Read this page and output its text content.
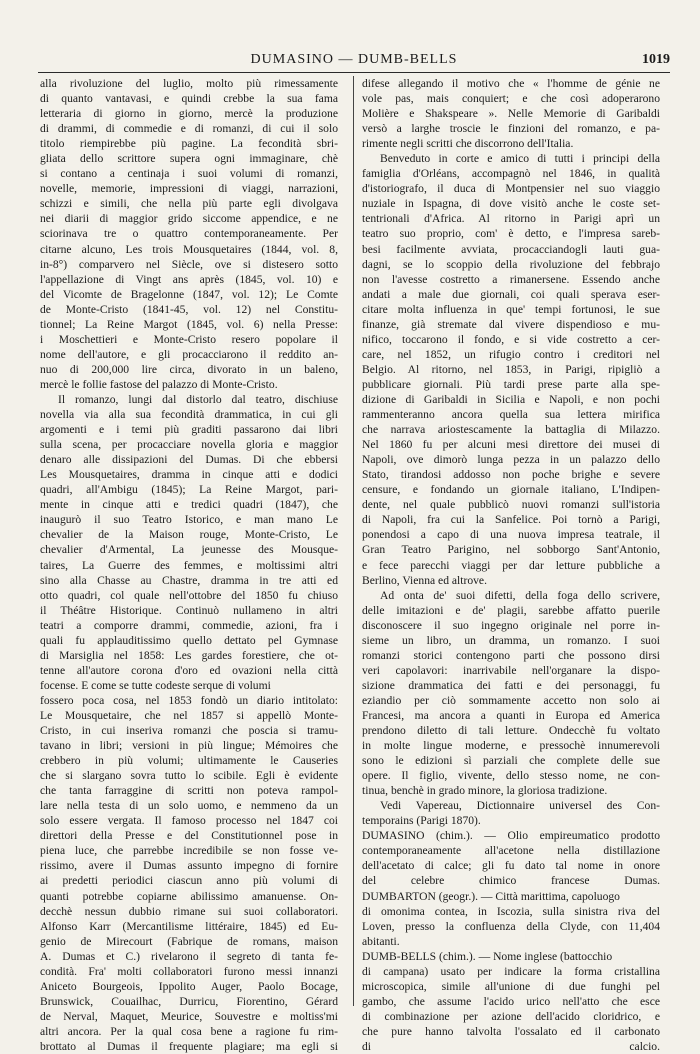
DUMASINO — DUMB-BELLS	1019
alla rivoluzione del luglio, molto più rimessamente
di quanto vantavasi, e quindi crebbe la sua fama
letteraria di giorno in giorno, mercè la produzione
di drammi, di commedie e di romanzi, di cui il solo
titolo riempirebbe più pagine. La fecondità sbri-
gliata dello scrittore supera ogni immaginare, chè
si contano a centinaja i suoi volumi di romanzi,
novelle, memorie, impressioni di viaggi, narrazioni,
schizzi e simili, che nella più parte egli divolgava
nei diarii di maggior grido siccome appendice, e ne
sciorinava tre o quattro contemporaneamente. Per
citarne alcuno, Les trois Mousquetaires (1844, vol. 8,
in-8°) comparvero nel Siècle, ove si distesero sotto
l'appellazione di Vingt ans après (1845, vol. 10) e
del Vicomte de Bragelonne (1847, vol. 12); Le Comte
de Monte-Cristo (1841-45, vol. 12) nel Constitu-
tionnel; La Reine Margot (1845, vol. 6) nella Presse:
i Moschettieri e Monte-Cristo resero popolare il
nome dell'autore, e gli procacciarono il reddito an-
nuo di 200,000 lire circa, divorato in un baleno,
mercè le follie fastose del palazzo di Monte-Cristo.
Il romanzo, lungi dal distorlo dal teatro, dischiuse
novella via alla sua fecondità drammatica, in cui gli
argomenti e i temi più graditi passarono dai libri
sulla scena, per procacciare novella gloria e maggior
denaro alle dissipazioni del Dumas. Di che ebbersi
Les Mousquetaires, dramma in cinque atti e dodici
quadri, all'Ambigu (1845); La Reine Margot, pari-
mente in cinque atti e tredici quadri (1847), che
inaugurò il suo Teatro Istorico, e man mano Le
chevalier de la Maison rouge, Monte-Cristo, Le
chevalier d'Armental, La jeunesse des Mousque-
taires, La Guerre des femmes, e moltissimi altri
sino alla Chasse au Chastre, dramma in tre atti ed
otto quadri, col quale nell'ottobre del 1850 fu chiuso
il Théâtre Historique. Continuò nullameno in altri
teatri a comporre drammi, commedie, azioni, fra i
quali fu applauditissimo quello dettato pel Gymnase
di Marsiglia nel 1858: Les gardes forestiere, che ot-
tenne all'autore corona d'oro ed ovazioni nella città
focense. E come se tutte codeste serque di volumi
fossero poca cosa, nel 1853 fondò un diario intitolato:
Le Mousquetaire, che nel 1857 si appellò Monte-
Cristo, in cui inseriva romanzi che poscia si tramu-
tavano in libri; versioni in più lingue; Mémoires che
crebbero in più volumi; ultimamente le Causeries
che si slargano sovra tutto lo scibile. Egli è evidente
che tanta farraggine di scritti non poteva rampol-
lare nella testa di un solo uomo, e nemmeno da un
solo essere vergata. Il famoso processo nel 1847 coi
direttori della Presse e del Constitutionnel pose in
piena luce, che parrebbe incredibile se non fosse ve-
rissimo, avere il Dumas assunto impegno di fornire
ai predetti periodici ciascun anno più volumi di
quanti potrebbe copiarne abilissimo amanuense. On-
decchè nessun dubbio rimane sui suoi collaboratori.
Alfonso Karr (Mercantilisme littéraire, 1845) ed Eu-
genio de Mirecourt (Fabrique de romans, maison
A. Dumas et C.) rivelarono il segreto di tanta fe-
condità. Fra' molti collaboratori furono messi innanzi
Aniceto Bourgeois, Ippolito Auger, Paolo Bocage,
Brunswick, Couailhac, Durricu, Fiorentino, Gérard
de Nerval, Maquet, Meurice, Souvestre e moltiss'mi
altri ancora. Per la qual cosa bene a ragione fu rim-
brottato al Dumas il frequente plagiare; ma egli si
difese allegando il motivo che « l'homme de génie ne
vole pas, mais conquiert; e che così adoperarono
Molière e Shakspeare ». Nelle Memorie di Garibaldi
versò a larghe troscie le finzioni del romanzo, e pa-
rimente negli scritti che discorrono dell'Italia.
Benveduto in corte e amico di tutti i principi della
famiglia d'Orléans, accompagnò nel 1846, in qualità
d'istoriografo, il duca di Montpensier nel suo viaggio
nuziale in Ispagna, di dove visitò anche le coste set-
tentrionali d'Africa. Al ritorno in Parigi aprì un
teatro suo proprio, com' è detto, e l'impresa sareb-
besi facilmente avviata, procacciandogli lauti gua-
dagni, se lo scoppio della rivoluzione del febbrajo
non l'avesse costretto a rimanersene. Essendo anche
andati a male due giornali, coi quali sperava eser-
citare molta influenza in que' tempi fortunosi, le sue
finanze, già stremate dal vivere dispendioso e mu-
nifico, toccarono il fondo, e si vide costretto a cer-
care, nel 1852, un rifugio contro i creditori nel
Belgio. Al ritorno, nel 1853, in Parigi, ripigliò a
pubblicare giornali. Più tardi prese parte alla spe-
dizione di Garibaldi in Sicilia e Napoli, e non pochi
rammenteranno ancora quella sua lettera mirifica
che narrava ariostescamente la battaglia di Milazzo.
Nel 1860 fu per alcuni mesi direttore dei musei di
Napoli, ove dimorò lunga pezza in un palazzo dello
Stato, tirandosi addosso non poche brighe e severe
censure, e fondando un giornale italiano, L'Indipen-
dente, nel quale pubblicò nuovi romanzi sull'istoria
di Napoli, fra cui la Sanfelice. Poi tornò a Parigi,
ponendosi a capo di una nuova impresa teatrale, il
Gran Teatro Parigino, nel sobborgo Sant'Antonio,
e fece parecchi viaggi per dar letture pubbliche a
Berlino, Vienna ed altrove.
Ad onta de' suoi difetti, della foga dello scrivere,
delle imitazioni e de' plagii, sarebbe affatto puerile
disconoscere il suo ingegno originale nel porre in-
sieme un libro, un dramma, un romanzo. I suoi
romanzi storici contengono parti che possono dirsi
veri capolavori: inarrivabile nell'organare la dispo-
sizione drammatica dei fatti e dei personaggi, fu
eziandio per ciò sommamente accetto non solo ai
Francesi, ma ancora a quanti in Europa ed America
prendono diletto di tali letture. Ondecchè fu voltato
in molte lingue moderne, e pressochè innumerevoli
sono le edizioni sì parziali che complete delle sue
opere. Il figlio, vivente, dello stesso nome, ne con-
tinua, benchè in grado minore, la gloriosa tradizione.
Vedi Vapereau, Dictionnaire universel des Con-
temporains (Parigi 1870).
DUMASINO (chim.). — Olio empireumatico prodotto
contemporaneamente all'acetone nella distillazione
dell'acetato di calce; gli fu dato tal nome in onore
del celebre chimico francese Dumas.
DUMBARTON (geogr.). — Città marittima, capoluogo
di omonima contea, in Iscozia, sulla sinistra riva del
Loven, presso la confluenza della Clyde, con 11,404
abitanti.
DUMB-BELLS (chim.). — Nome inglese (battocchio
di campana) usato per indicare la forma cristallina
microscopica, simile all'unione di due funghi pel
gambo, che assume l'acido urico nell'atto che esce
di combinazione per azione dell'acido cloridrico, e
che pure hanno talvolta l'ossalato ed il carbonato
di calcio.
